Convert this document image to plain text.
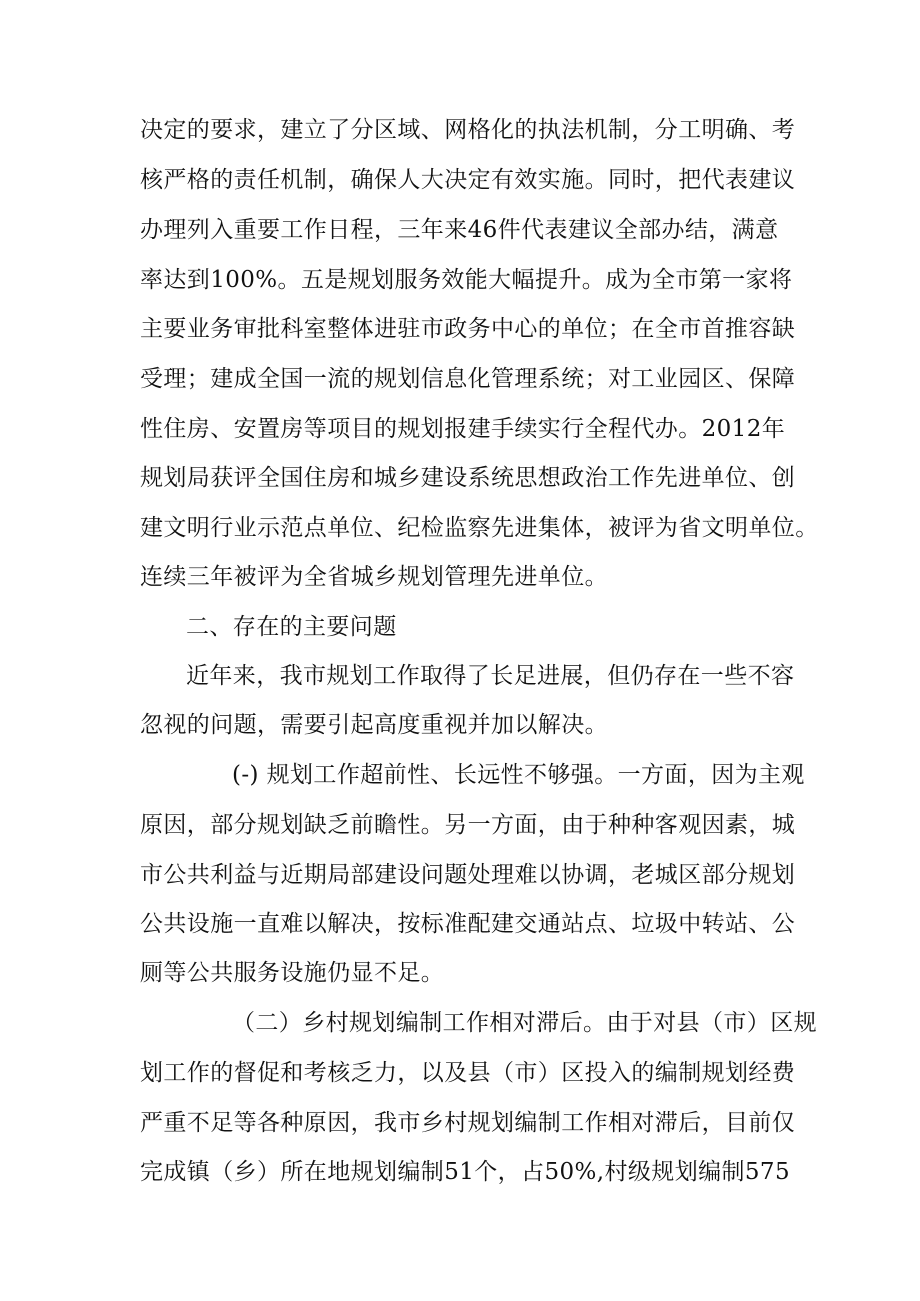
决定的要求，建立了分区域、网格化的执法机制，分工明确、考
核严格的责任机制，确保人大决定有效实施。同时，把代表建议
办理列入重要工作日程，三年来46件代表建议全部办结，满意
率达到100%。五是规划服务效能大幅提升。成为全市第一家将
主要业务审批科室整体进驻市政务中心的单位；在全市首推容缺
受理；建成全国一流的规划信息化管理系统；对工业园区、保障
性住房、安置房等项目的规划报建手续实行全程代办。2012年
规划局获评全国住房和城乡建设系统思想政治工作先进单位、创
建文明行业示范点单位、纪检监察先进集体，被评为省文明单位。
连续三年被评为全省城乡规划管理先进单位。
二、存在的主要问题
近年来，我市规划工作取得了长足进展，但仍存在一些不容
忽视的问题，需要引起高度重视并加以解决。
(-) 规划工作超前性、长远性不够强。一方面，因为主观
原因，部分规划缺乏前瞻性。另一方面，由于种种客观因素，城
市公共利益与近期局部建设问题处理难以协调，老城区部分规划
公共设施一直难以解决，按标准配建交通站点、垃圾中转站、公
厕等公共服务设施仍显不足。
（二）乡村规划编制工作相对滞后。由于对县（市）区规
划工作的督促和考核乏力，以及县（市）区投入的编制规划经费
严重不足等各种原因，我市乡村规划编制工作相对滞后，目前仅
完成镇（乡）所在地规划编制51个，占50%,村级规划编制575
